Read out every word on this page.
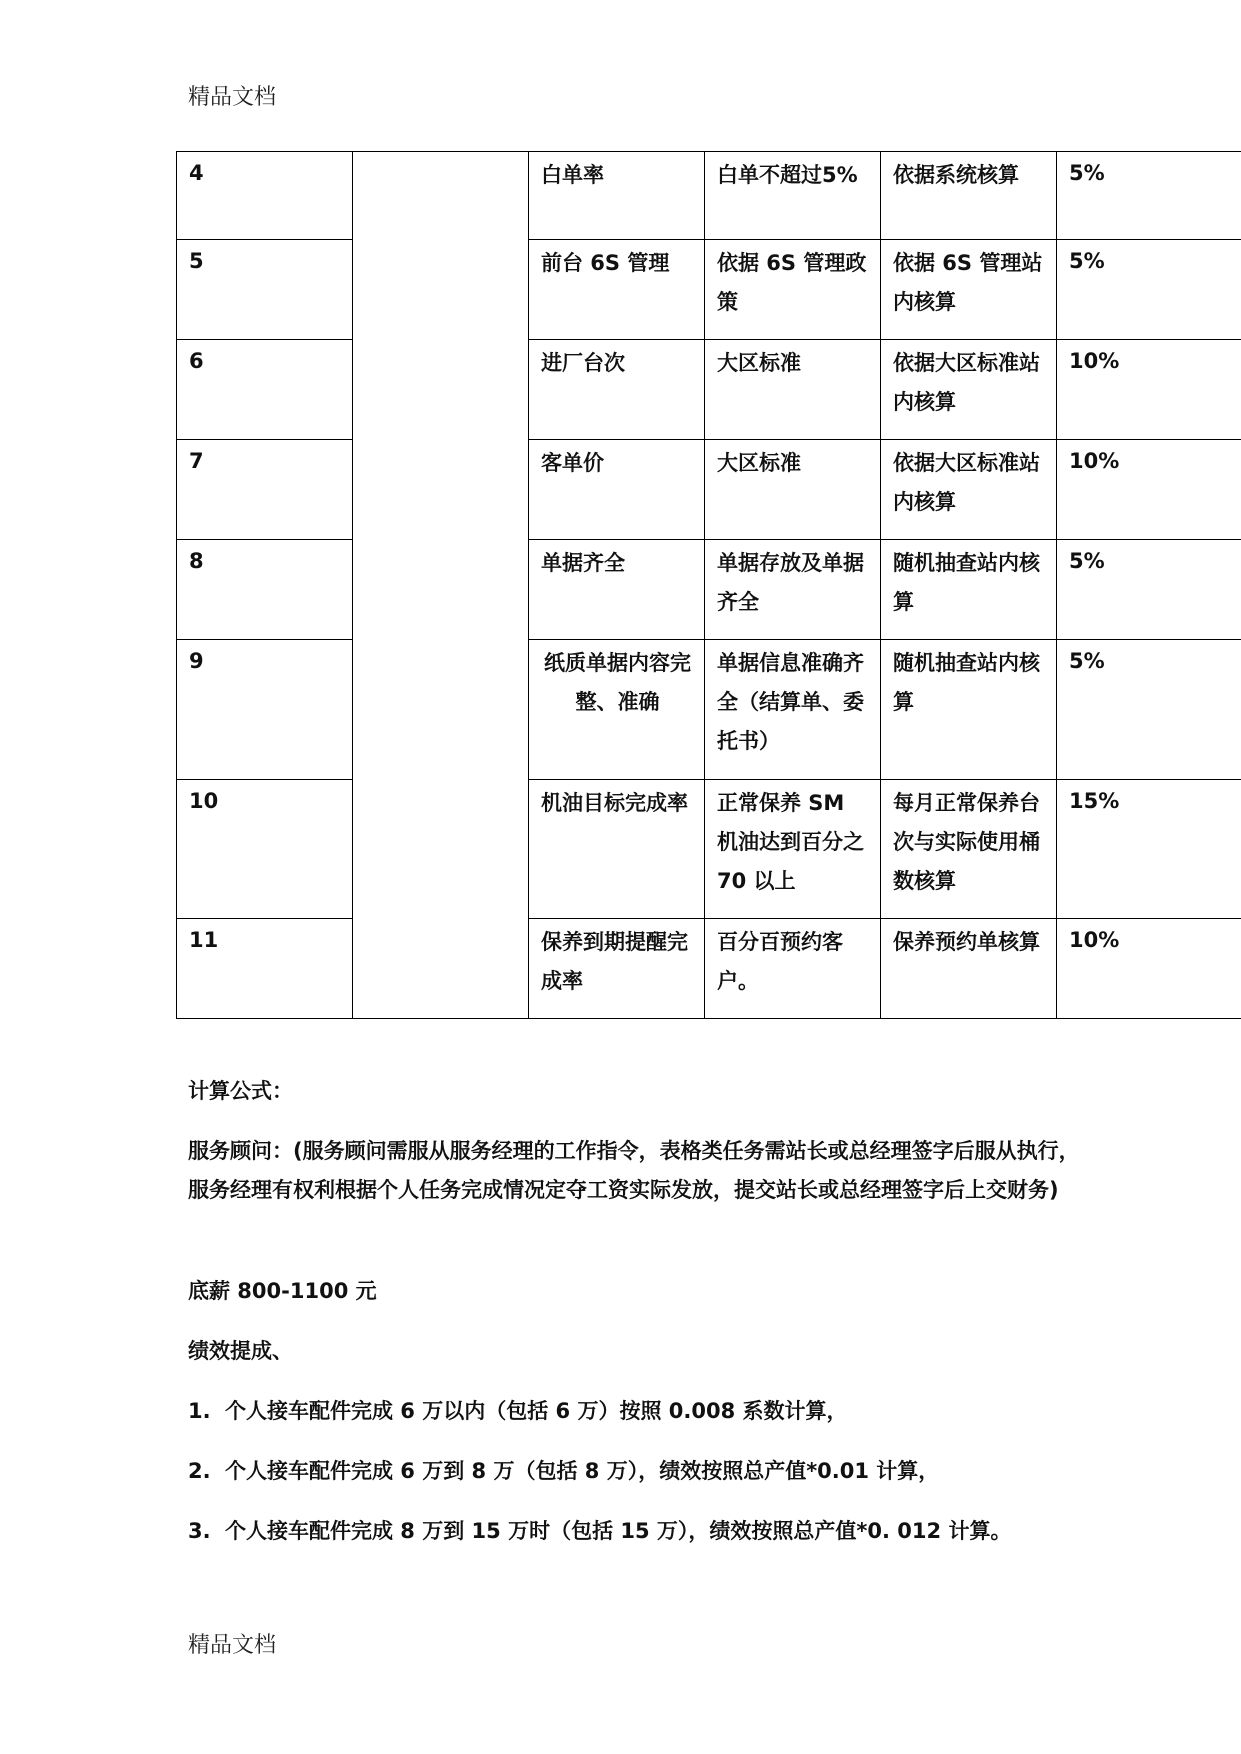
精品文档
4		白单率	白单不超过5%	依据系统核算	5%
5		前台 6S 管理	依据 6S 管理政策	依据 6S 管理站内核算	5%
6		进厂台次	大区标准	依据大区标准站内核算	10%
7		客单价	大区标准	依据大区标准站内核算	10%
8		单据齐全	单据存放及单据齐全	随机抽查站内核算	5%
9		纸质单据内容完整、准确	单据信息准确齐全（结算单、委托书）	随机抽查站内核算	5%
10		机油目标完成率	正常保养 SM 机油达到百分之 70 以上	每月正常保养台次与实际使用桶数核算	15%
11		保养到期提醒完成率	百分百预约客户。	保养预约单核算	10%
计算公式：
服务顾问：(服务顾问需服从服务经理的工作指令，表格类任务需站长或总经理签字后服从执行，服务经理有权利根据个人任务完成情况定夺工资实际发放，提交站长或总经理签字后上交财务)
底薪 800-1100 元
绩效提成、
1. 个人接车配件完成 6 万以内（包括 6 万）按照 0.008 系数计算，
2. 个人接车配件完成 6 万到 8 万（包括 8 万），绩效按照总产值*0.01 计算，
3. 个人接车配件完成 8 万到 15 万时（包括 15 万），绩效按照总产值*0. 012 计算。
精品文档
